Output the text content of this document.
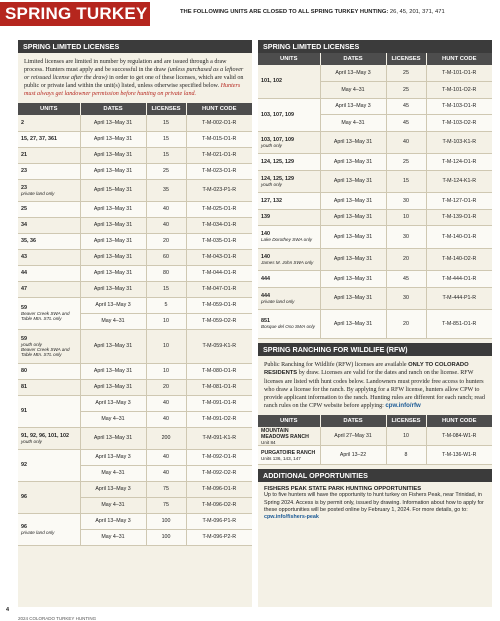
SPRING TURKEY	THE FOLLOWING UNITS ARE CLOSED TO ALL SPRING TURKEY HUNTING: 26, 45, 201, 371, 471
SPRING LIMITED LICENSES
Limited licenses are limited in number by regulation and are issued through a draw process. Hunters must apply and be successful in the draw (unless purchased as a leftover or reissued license after the draw) in order to get one of these licenses, which are valid on public or private land within the unit(s) listed, unless otherwise specified below. Hunters must always get landowner permission before hunting on private land.
UNITS	DATES	LICENSES	HUNT CODE
2	April 13–May 31	15	T-M-002-O1-R
15, 27, 37, 361	April 13–May 31	15	T-M-015-O1-R
21	April 13–May 31	15	T-M-021-O1-R
23	April 13–May 31	25	T-M-023-O1-R
23
private land only	April 15–May 31	35	T-M-023-P1-R
25	April 13–May 31	40	T-M-025-O1-R
34	April 13–May 31	40	T-M-034-O1-R
35, 36	April 13–May 31	20	T-M-035-O1-R
43	April 13–May 31	60	T-M-043-O1-R
44	April 13–May 31	80	T-M-044-O1-R
47	April 13–May 31	15	T-M-047-O1-R
59
Beaver Creek SWA and Table Mtn. STL only	April 13–May 3	5	T-M-059-O1-R
	May 4–31	10	T-M-059-O2-R
59
youth only
Beaver Creek SWA and Table Mtn. STL only	April 13–May 31	10	T-M-059-K1-R
80	April 13–May 31	10	T-M-080-O1-R
81	April 13–May 31	20	T-M-081-O1-R
91	April 13–May 3	40	T-M-091-O1-R
	May 4–31	40	T-M-091-O2-R
91, 92, 96, 101, 102
youth only	April 13–May 31	200	T-M-091-K1-R
92	April 13–May 3	40	T-M-092-O1-R
	May 4–31	40	T-M-092-O2-R
96	April 13–May 3	75	T-M-096-O1-R
	May 4–31	75	T-M-096-O2-R
96
private land only	April 13–May 3	100	T-M-096-P1-R
	May 4–31	100	T-M-096-P2-R
SPRING LIMITED LICENSES
UNITS	DATES	LICENSES	HUNT CODE
101, 102	April 13–May 3	25	T-M-101-O1-R
	May 4–31	25	T-M-101-O2-R
103, 107, 109	April 13–May 3	45	T-M-103-O1-R
	May 4–31	45	T-M-103-O2-R
103, 107, 109
youth only	April 13–May 31	40	T-M-103-K1-R
124, 125, 129	April 13–May 31	25	T-M-124-O1-R
124, 125, 129
youth only	April 13–May 31	15	T-M-124-K1-R
127, 132	April 13–May 31	30	T-M-127-O1-R
139	April 13–May 31	10	T-M-139-O1-R
140
Lake Dorothey SWA only	April 13–May 31	30	T-M-140-O1-R
140
James M. John SWA only	April 13–May 31	20	T-M-140-O2-R
444	April 13–May 31	45	T-M-444-O1-R
444
private land only	April 13–May 31	30	T-M-444-P1-R
851
Bosque del Oso SWA only	April 13–May 31	20	T-M-851-O1-R
SPRING RANCHING FOR WILDLIFE (RFW)
Public Ranching for Wildlife (RFW) licenses are available ONLY TO COLORADO RESIDENTS by draw. Licenses are valid for the dates and ranch on the license. RFW licenses are listed with hunt codes below. Landowners must provide free access to hunters who draw a license for the ranch. By applying for a RFW license, hunters allow CPW to provide applicant information to the ranch. Hunting rules are different for each ranch; read ranch rules on the CPW website before applying: cpw.info/rfw
UNITS	DATES	LICENSES	HUNT CODE
MOUNTAIN MEADOWS RANCH
Unit 84	April 27–May 31	10	T-M-084-W1-R
PURGATOIRE RANCH
Units 136, 143, 147	April 13–22	8	T-M-136-W1-R
ADDITIONAL OPPORTUNITIES
FISHERS PEAK STATE PARK HUNTING OPPORTUNITIES
Up to five hunters will have the opportunity to hunt turkey on Fishers Peak, near Trinidad, in Spring 2024. Access is by permit only, issued by drawing. Information about how to apply for these opportunities will be posted online by February 1, 2024. For more details, go to: cpw.info/fishers-peak
4
2024 COLORADO TURKEY HUNTING
